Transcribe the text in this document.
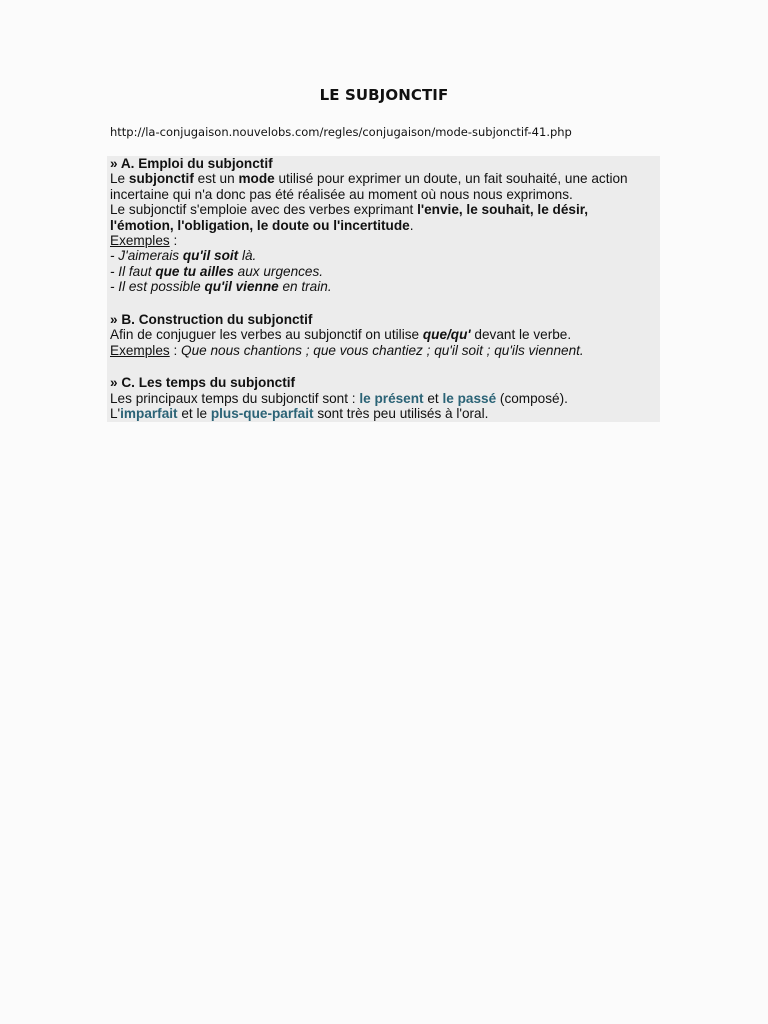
LE SUBJONCTIF
http://la-conjugaison.nouvelobs.com/regles/conjugaison/mode-subjonctif-41.php
» A. Emploi du subjonctif
Le subjonctif est un mode utilisé pour exprimer un doute, un fait souhaité, une action
incertaine qui n'a donc pas été réalisée au moment où nous nous exprimons.
Le subjonctif s'emploie avec des verbes exprimant l'envie, le souhait, le désir,
l'émotion, l'obligation, le doute ou l'incertitude.
Exemples :
- J'aimerais qu'il soit là.
- Il faut que tu ailles aux urgences.
- Il est possible qu'il vienne en train.
» B. Construction du subjonctif
Afin de conjuguer les verbes au subjonctif on utilise que/qu' devant le verbe.
Exemples : Que nous chantions ; que vous chantiez ; qu'il soit ; qu'ils viennent.
» C. Les temps du subjonctif
Les principaux temps du subjonctif sont : le présent et le passé (composé).
L'imparfait et le plus-que-parfait sont très peu utilisés à l'oral.
